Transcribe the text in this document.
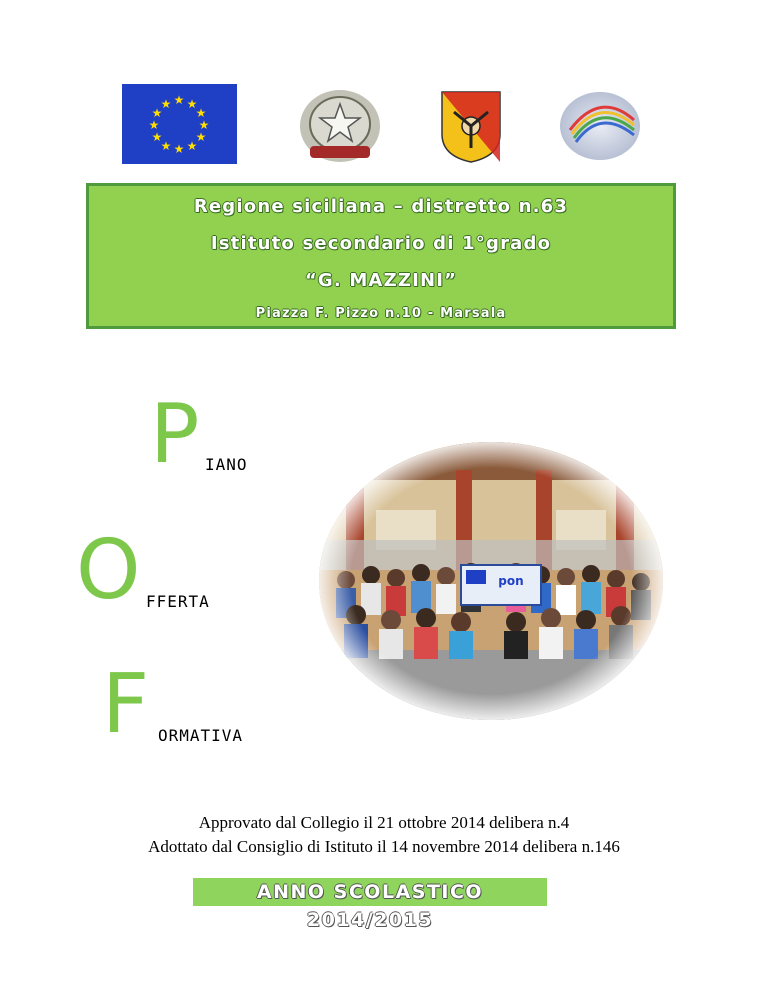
★ ★
★
★
★
★
★
★
★
★
★
★
Regione siciliana – distretto n.63
Istituto secondario di 1°grado
“G. MAZZINI”
Piazza F. Pizzo n.10 - Marsala
P IANO
O FFERTA
F ORMATIVA
Approvato dal Collegio il 21 ottobre 2014 delibera n.4
Adottato dal Consiglio di Istituto il 14 novembre 2014 delibera n.146
ANNO SCOLASTICO 2014/2015
